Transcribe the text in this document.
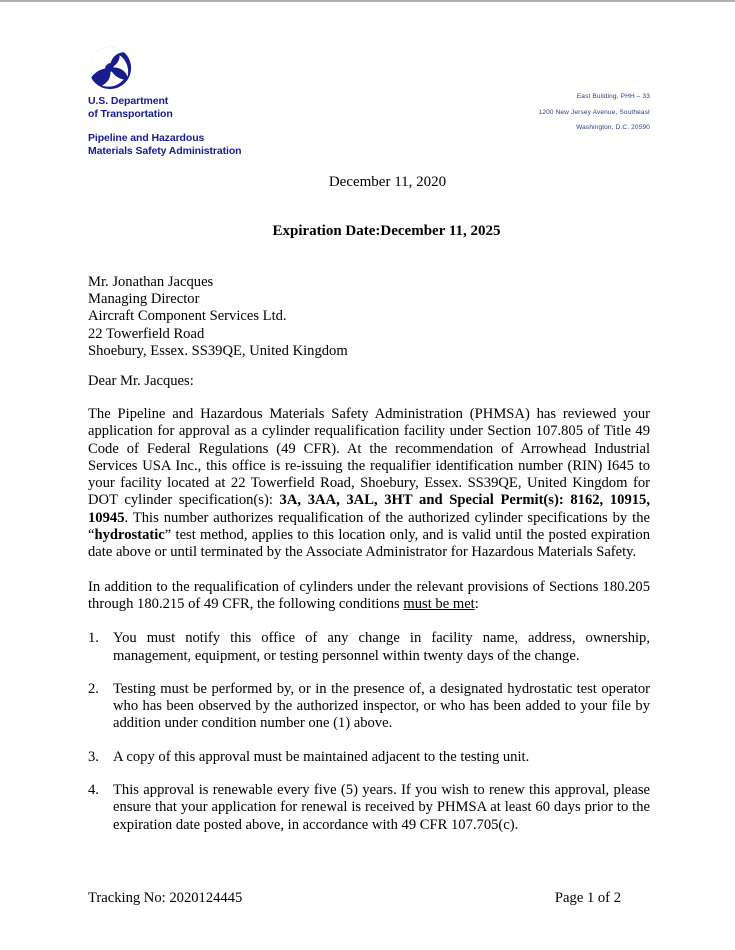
U.S. Department
of Transportation
Pipeline and Hazardous
Materials Safety Administration
East Building, PHH – 33
1200 New Jersey Avenue, Southeast
Washington, D.C. 20590
December 11, 2020
Expiration Date:December 11, 2025
Mr. Jonathan Jacques
Managing Director
Aircraft Component Services Ltd.
22 Towerfield Road
Shoebury, Essex. SS39QE, United Kingdom
Dear Mr. Jacques:

The Pipeline and Hazardous Materials Safety Administration (PHMSA) has reviewed your application for approval as a cylinder requalification facility under Section 107.805 of Title 49 Code of Federal Regulations (49 CFR). At the recommendation of Arrowhead Industrial Services USA Inc., this office is re-issuing the requalifier identification number (RIN) I645 to your facility located at 22 Towerfield Road, Shoebury, Essex. SS39QE, United Kingdom for DOT cylinder specification(s): 3A, 3AA, 3AL, 3HT and Special Permit(s): 8162, 10915, 10945. This number authorizes requalification of the authorized cylinder specifications by the “hydrostatic” test method, applies to this location only, and is valid until the posted expiration date above or until terminated by the Associate Administrator for Hazardous Materials Safety.

In addition to the requalification of cylinders under the relevant provisions of Sections 180.205 through 180.215 of 49 CFR, the following conditions must be met:

You must notify this office of any change in facility name, address, ownership, management, equipment, or testing personnel within twenty days of the change.
Testing must be performed by, or in the presence of, a designated hydrostatic test operator who has been observed by the authorized inspector, or who has been added to your file by addition under condition number one (1) above.
A copy of this approval must be maintained adjacent to the testing unit.
This approval is renewable every five (5) years. If you wish to renew this approval, please ensure that your application for renewal is received by PHMSA at least 60 days prior to the expiration date posted above, in accordance with 49 CFR 107.705(c).
Tracking No: 2020124445	Page 1 of 2
